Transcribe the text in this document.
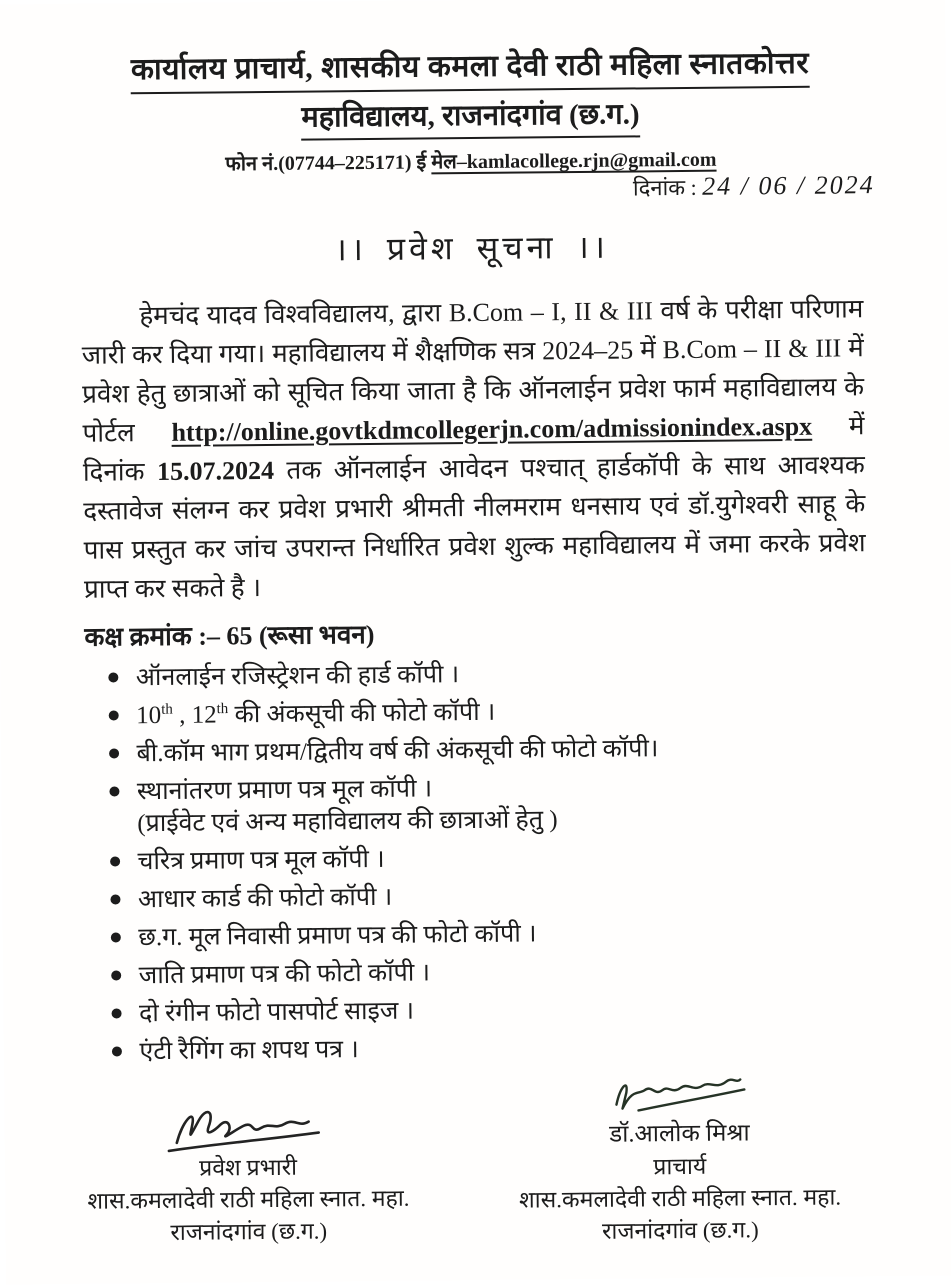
कार्यालय प्राचार्य, शासकीय कमला देवी राठी महिला स्नातकोत्तर
महाविद्यालय, राजनांदगांव (छ.ग.)
फोन नं.(07744–225171) ई मेल–kamlacollege.rjn@gmail.com
दिनांक : 24 / 06 / 2024
।। प्रवेश सूचना ।।

हेमचंद यादव विश्वविद्यालय, द्वारा B.Com – I, II & III वर्ष के परीक्षा परिणाम जारी कर दिया गया। महाविद्यालय में शैक्षणिक सत्र 2024–25 में B.Com – II & III में प्रवेश हेतु छात्राओं को सूचित किया जाता है कि ऑनलाईन प्रवेश फार्म महाविद्यालय के पोर्टल http://online.govtkdmcollegerjn.com/admissionindex.aspx में दिनांक 15.07.2024 तक ऑनलाईन आवेदन पश्चात् हार्डकॉपी के साथ आवश्यक दस्तावेज संलग्न कर प्रवेश प्रभारी श्रीमती नीलमराम धनसाय एवं डॉ.युगेश्वरी साहू के पास प्रस्तुत कर जांच उपरान्त निर्धारित प्रवेश शुल्क महाविद्यालय में जमा करके प्रवेश प्राप्त कर सकते है ।

कक्ष क्रमांक :– 65 (रूसा भवन)
ऑनलाईन रजिस्ट्रेशन की हार्ड कॉपी ।
10th , 12th की अंकसूची की फोटो कॉपी ।
बी.कॉम भाग प्रथम/द्वितीय वर्ष की अंकसूची की फोटो कॉपी।
स्थानांतरण प्रमाण पत्र मूल कॉपी ।
(प्राईवेट एवं अन्य महाविद्यालय की छात्राओं हेतु )
चरित्र प्रमाण पत्र मूल कॉपी ।
आधार कार्ड की फोटो कॉपी ।
छ.ग. मूल निवासी प्रमाण पत्र की फोटो कॉपी ।
जाति प्रमाण पत्र की फोटो कॉपी ।
दो रंगीन फोटो पासपोर्ट साइज ।
एंटी रैगिंग का शपथ पत्र ।
प्रवेश प्रभारी
शास.कमलादेवी राठी महिला स्नात. महा.
राजनांदगांव (छ.ग.)
डॉ.आलोक मिश्रा
प्राचार्य
शास.कमलादेवी राठी महिला स्नात. महा.
राजनांदगांव (छ.ग.)
